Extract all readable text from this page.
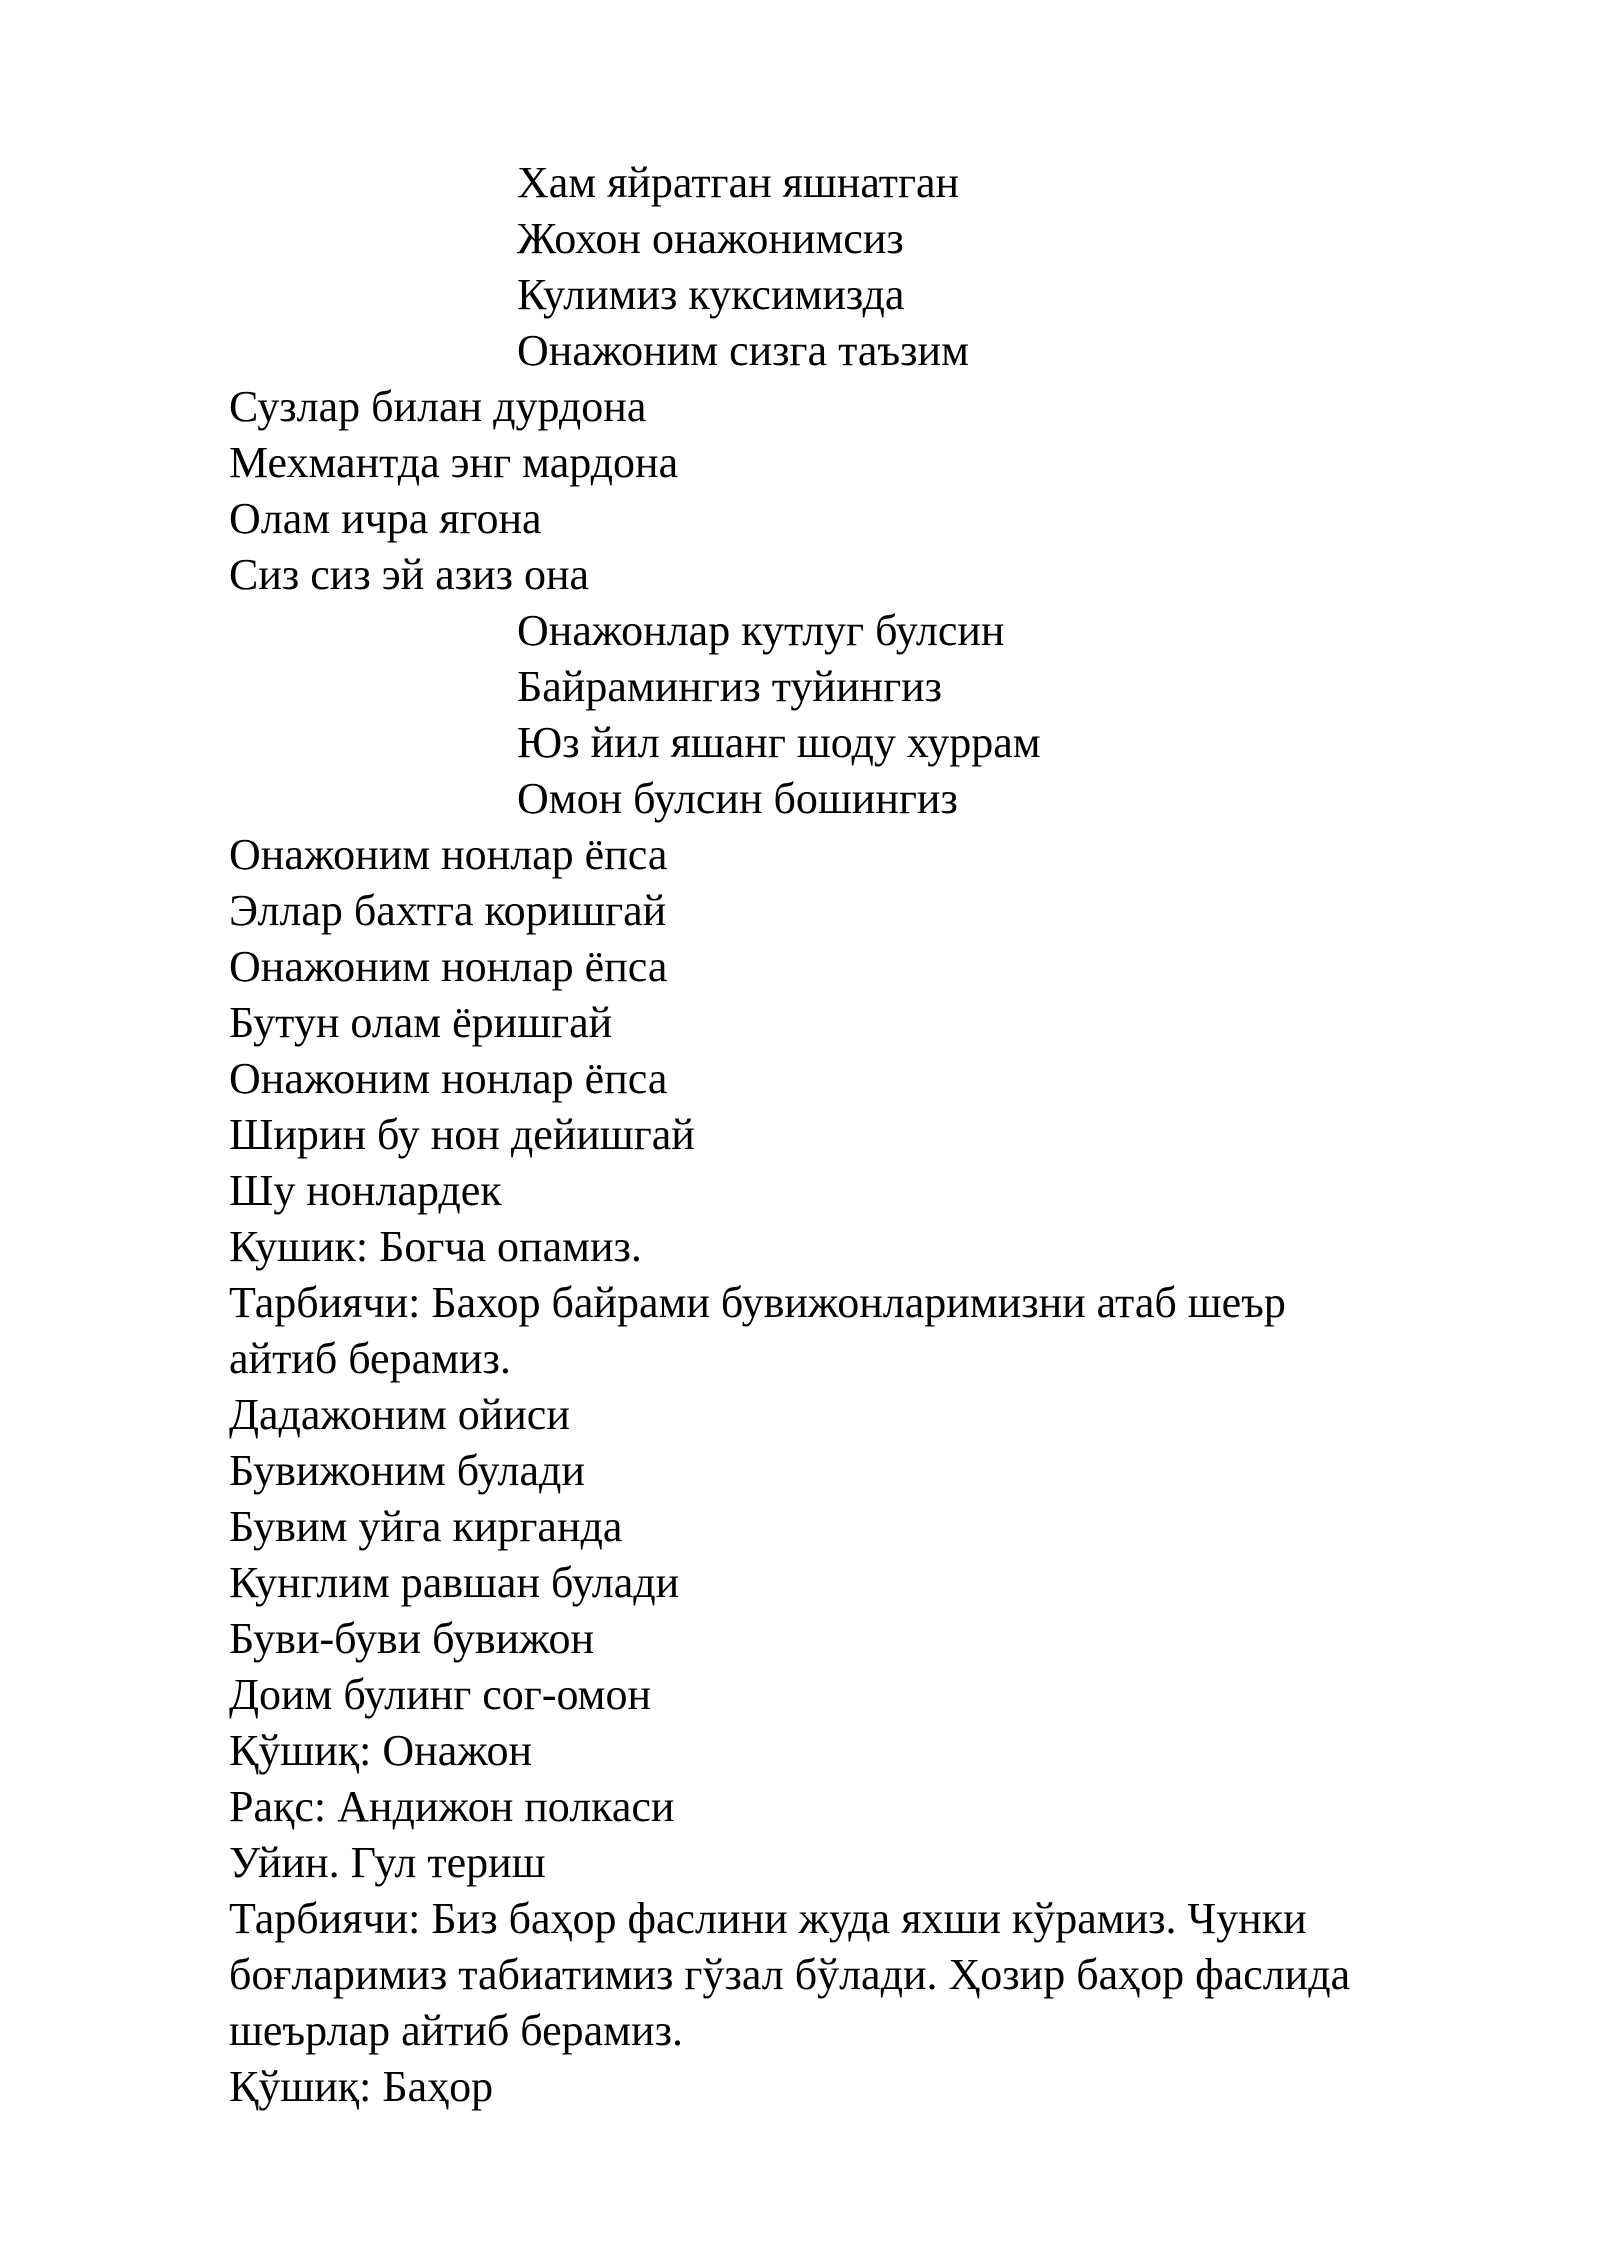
Хам яйратган яшнатган
Жохон онажонимсиз
Кулимиз куксимизда
Онажоним сизга таъзим
Сузлар билан дурдона
Мехмантда энг мардона
Олам ичра ягона
Сиз сиз эй азиз она
Онажонлар кутлуг булсин
Байрамингиз туйингиз
Юз йил яшанг шоду хуррам
Омон булсин бошингиз
Онажоним нонлар ёпса
Эллар бахтга коришгай
Онажоним нонлар ёпса
Бутун олам ёришгай
Онажоним нонлар ёпса
Ширин бу нон дейишгай
Шу нонлардек
Кушик: Богча опамиз.
Тарбиячи: Бахор байрами бувижонларимизни атаб шеър
айтиб берамиз.
Дадажоним ойиси
Бувижоним булади
Бувим уйга кирганда
Кунглим равшан булади
Буви-буви бувижон
Доим булинг сог-омон
Қўшиқ: Онажон
Рақс: Андижон полкаси
Уйин. Гул териш
Тарбиячи: Биз баҳор фаслини жуда яхши кўрамиз. Чунки
боғларимиз табиатимиз гўзал бўлади. Ҳозир баҳор фаслида
шеърлар айтиб берамиз.
Қўшиқ: Баҳор
